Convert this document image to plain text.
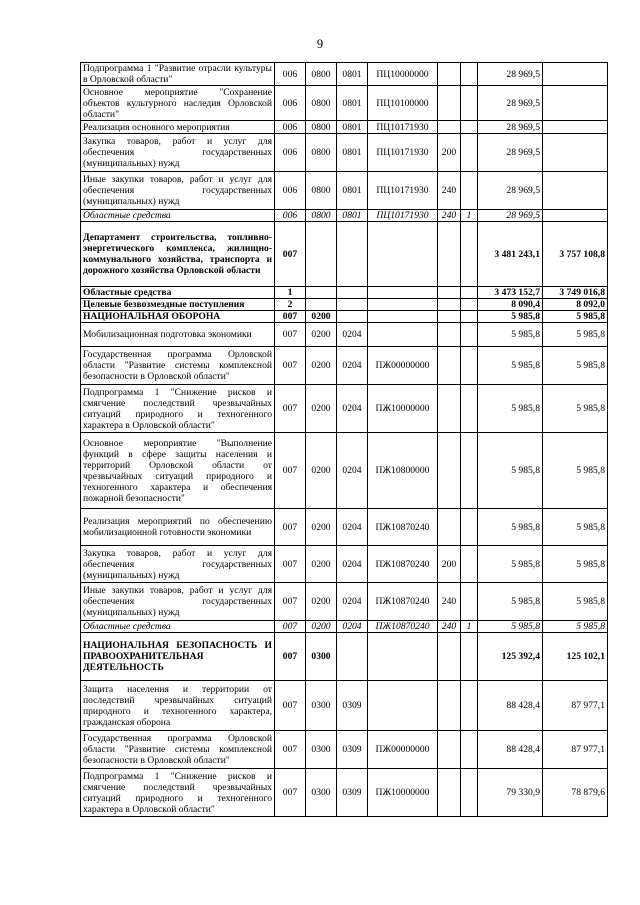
9
Подпрограмма 1 "Развитие отрасли культуры в Орловской области"	006	0800	0801	ПЦ10000000			28 969,5	
Основное мероприятие "Сохранение объектов культурного наследия Орловской области"	006	0800	0801	ПЦ10100000			28 969,5	
Реализация основного мероприятия	006	0800	0801	ПЦ10171930			28 969,5	
Закупка товаров, работ и услуг для обеспечения государственных (муниципальных) нужд	006	0800	0801	ПЦ10171930	200		28 969,5	
Иные закупки товаров, работ и услуг для обеспечения государственных (муниципальных) нужд	006	0800	0801	ПЦ10171930	240		28 969,5	
Областные средства	006	0800	0801	ПЦ10171930	240	1	28 969,5	
Департамент строительства, топливно-энергетического комплекса, жилищно-коммунального хозяйства, транспорта и дорожного хозяйства Орловской области	007						3 481 243,1	3 757 108,8
Областные средства	1						3 473 152,7	3 749 016,8
Целевые безвозмездные поступления	2						8 090,4	8 092,0
НАЦИОНАЛЬНАЯ ОБОРОНА	007	0200					5 985,8	5 985,8
Мобилизационная подготовка экономики	007	0200	0204				5 985,8	5 985,8
Государственная программа Орловской области "Развитие системы комплексной безопасности в Орловской области"	007	0200	0204	ПЖ00000000			5 985,8	5 985,8
Подпрограмма 1 "Снижение рисков и смягчение последствий чрезвычайных ситуаций природного и техногенного характера в Орловской области"	007	0200	0204	ПЖ10000000			5 985,8	5 985,8
Основное мероприятие "Выполнение функций в сфере защиты населения и территорий Орловской области от чрезвычайных ситуаций природного и техногенного характера и обеспечения пожарной безопасности"	007	0200	0204	ПЖ10800000			5 985,8	5 985,8
Реализация мероприятий по обеспечению мобилизационной готовности экономики	007	0200	0204	ПЖ10870240			5 985,8	5 985,8
Закупка товаров, работ и услуг для обеспечения государственных (муниципальных) нужд	007	0200	0204	ПЖ10870240	200		5 985,8	5 985,8
Иные закупки товаров, работ и услуг для обеспечения государственных (муниципальных) нужд	007	0200	0204	ПЖ10870240	240		5 985,8	5 985,8
Областные средства	007	0200	0204	ПЖ10870240	240	1	5 985,8	5 985,8
НАЦИОНАЛЬНАЯ БЕЗОПАСНОСТЬ И ПРАВООХРАНИТЕЛЬНАЯ ДЕЯТЕЛЬНОСТЬ	007	0300					125 392,4	125 102,1
Защита населения и территории от последствий чрезвычайных ситуаций природного и техногенного характера, гражданская оборона	007	0300	0309				88 428,4	87 977,1
Государственная программа Орловской области "Развитие системы комплексной безопасности в Орловской области"	007	0300	0309	ПЖ00000000			88 428,4	87 977,1
Подпрограмма 1 "Снижение рисков и смягчение последствий чрезвычайных ситуаций природного и техногенного характера в Орловской области"	007	0300	0309	ПЖ10000000			79 330,9	78 879,6
